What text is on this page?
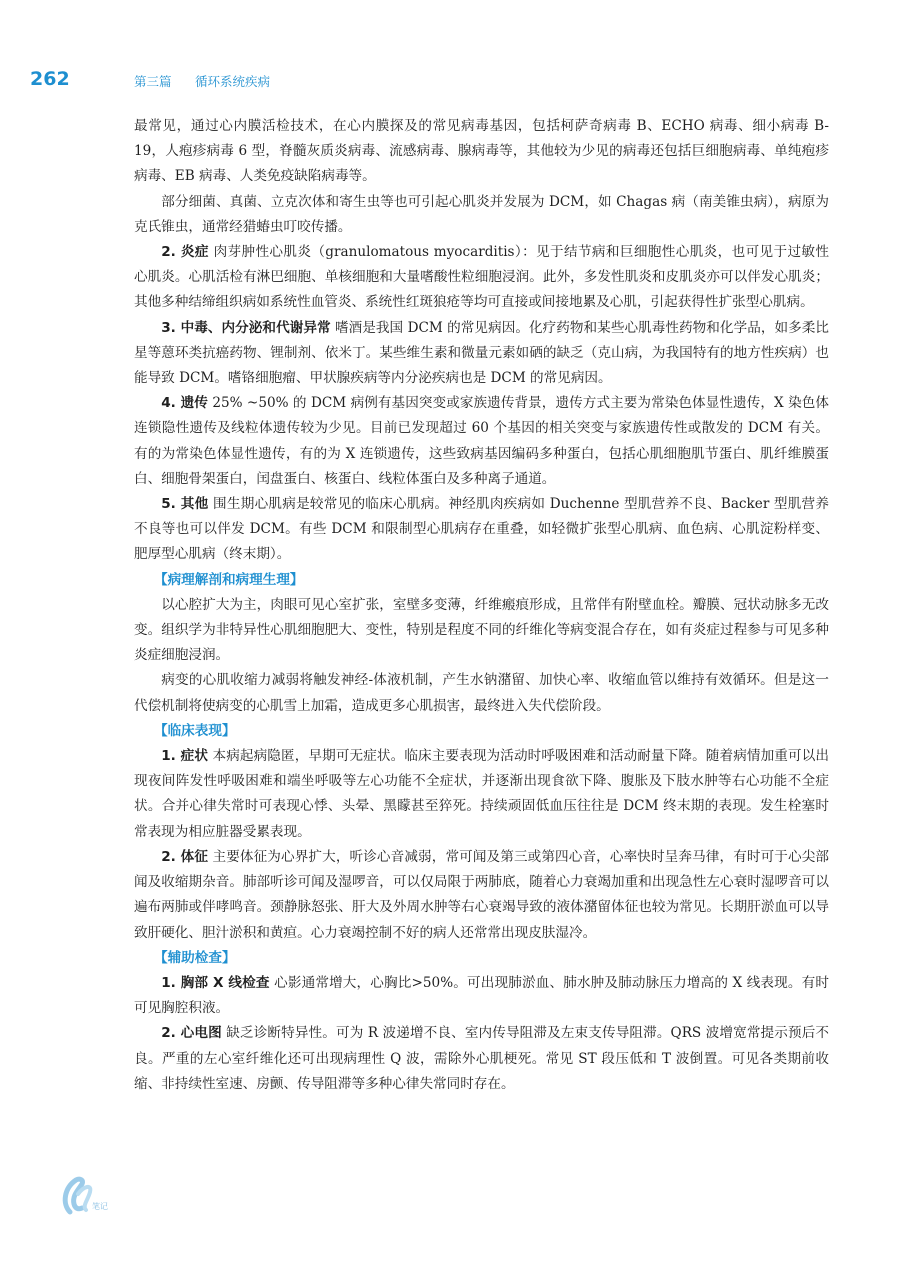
262	第三篇 循环系统疾病

最常见，通过心内膜活检技术，在心内膜探及的常见病毒基因，包括柯萨奇病毒 B、ECHO 病毒、细小病毒 B-19，人疱疹病毒 6 型，脊髓灰质炎病毒、流感病毒、腺病毒等，其他较为少见的病毒还包括巨细胞病毒、单纯疱疹病毒、EB 病毒、人类免疫缺陷病毒等。

部分细菌、真菌、立克次体和寄生虫等也可引起心肌炎并发展为 DCM，如 Chagas 病（南美锥虫病），病原为克氏锥虫，通常经猎蝽虫叮咬传播。

2. 炎症 肉芽肿性心肌炎（granulomatous myocarditis）：见于结节病和巨细胞性心肌炎，也可见于过敏性心肌炎。心肌活检有淋巴细胞、单核细胞和大量嗜酸性粒细胞浸润。此外，多发性肌炎和皮肌炎亦可以伴发心肌炎；其他多种结缔组织病如系统性血管炎、系统性红斑狼疮等均可直接或间接地累及心肌，引起获得性扩张型心肌病。

3. 中毒、内分泌和代谢异常 嗜酒是我国 DCM 的常见病因。化疗药物和某些心肌毒性药物和化学品，如多柔比星等蒽环类抗癌药物、锂制剂、依米丁。某些维生素和微量元素如硒的缺乏（克山病，为我国特有的地方性疾病）也能导致 DCM。嗜铬细胞瘤、甲状腺疾病等内分泌疾病也是 DCM 的常见病因。

4. 遗传 25% ~50% 的 DCM 病例有基因突变或家族遗传背景，遗传方式主要为常染色体显性遗传，X 染色体连锁隐性遗传及线粒体遗传较为少见。目前已发现超过 60 个基因的相关突变与家族遗传性或散发的 DCM 有关。有的为常染色体显性遗传，有的为 X 连锁遗传，这些致病基因编码多种蛋白，包括心肌细胞肌节蛋白、肌纤维膜蛋白、细胞骨架蛋白，闰盘蛋白、核蛋白、线粒体蛋白及多种离子通道。

5. 其他 围生期心肌病是较常见的临床心肌病。神经肌肉疾病如 Duchenne 型肌营养不良、Backer 型肌营养不良等也可以伴发 DCM。有些 DCM 和限制型心肌病存在重叠，如轻微扩张型心肌病、血色病、心肌淀粉样变、肥厚型心肌病（终末期）。

【病理解剖和病理生理】

以心腔扩大为主，肉眼可见心室扩张，室壁多变薄，纤维瘢痕形成，且常伴有附壁血栓。瓣膜、冠状动脉多无改变。组织学为非特异性心肌细胞肥大、变性，特别是程度不同的纤维化等病变混合存在，如有炎症过程参与可见多种炎症细胞浸润。

病变的心肌收缩力减弱将触发神经-体液机制，产生水钠潴留、加快心率、收缩血管以维持有效循环。但是这一代偿机制将使病变的心肌雪上加霜，造成更多心肌损害，最终进入失代偿阶段。

【临床表现】

1. 症状 本病起病隐匿，早期可无症状。临床主要表现为活动时呼吸困难和活动耐量下降。随着病情加重可以出现夜间阵发性呼吸困难和端坐呼吸等左心功能不全症状，并逐渐出现食欲下降、腹胀及下肢水肿等右心功能不全症状。合并心律失常时可表现心悸、头晕、黑矇甚至猝死。持续顽固低血压往往是 DCM 终末期的表现。发生栓塞时常表现为相应脏器受累表现。

2. 体征 主要体征为心界扩大，听诊心音减弱，常可闻及第三或第四心音，心率快时呈奔马律，有时可于心尖部闻及收缩期杂音。肺部听诊可闻及湿啰音，可以仅局限于两肺底，随着心力衰竭加重和出现急性左心衰时湿啰音可以遍布两肺或伴哮鸣音。颈静脉怒张、肝大及外周水肿等右心衰竭导致的液体潴留体征也较为常见。长期肝淤血可以导致肝硬化、胆汁淤积和黄疸。心力衰竭控制不好的病人还常常出现皮肤湿冷。

【辅助检查】

1. 胸部 X 线检查 心影通常增大，心胸比>50%。可出现肺淤血、肺水肿及肺动脉压力增高的 X 线表现。有时可见胸腔积液。

2. 心电图 缺乏诊断特异性。可为 R 波递增不良、室内传导阻滞及左束支传导阻滞。QRS 波增宽常提示预后不良。严重的左心室纤维化还可出现病理性 Q 波，需除外心肌梗死。常见 ST 段压低和 T 波倒置。可见各类期前收缩、非持续性室速、房颤、传导阻滞等多种心律失常同时存在。

笔记
